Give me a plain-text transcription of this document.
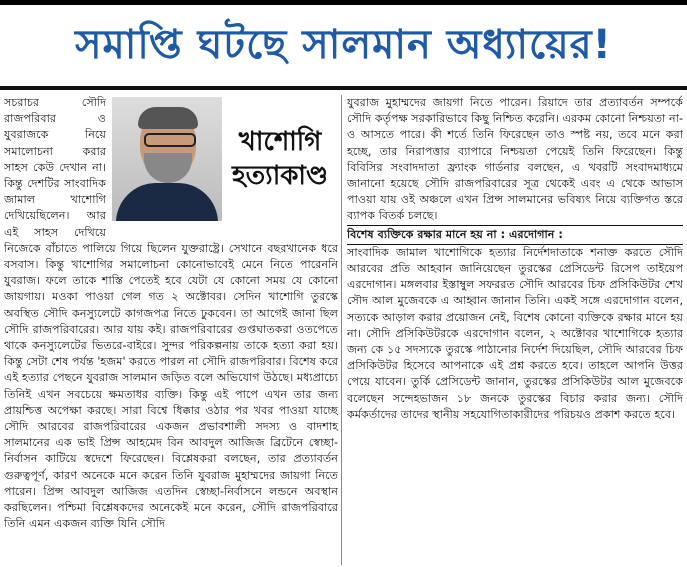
সমাপ্তি ঘটছে সালমান অধ্যায়ের!
খাশোগি
হত্যাকাণ্ড

সচরাচর সৌদি রাজপরিবার ও যুবরাজকে নিয়ে সমালোচনা করার সাহস কেউ দেখান না। কিন্তু দেশটির সাংবাদিক জামাল খাশোগি দেখিয়েছিলেন। আর এই সাহস দেখিয়ে নিজেকে বাঁচাতে পালিয়ে গিয়ে ছিলেন যুক্তরাষ্ট্রে। সেখানে বছরখানেক ধরে বসবাস। কিন্তু খাশোগির সমালোচনা কোনোভাবেই মেনে নিতে পারেননি যুবরাজ। ফলে তাকে শাস্তি পেতেই হবে যেটা যে কোনো সময় যে কোনো জায়গায়। মওকা পাওয়া গেল গত ২ অক্টোবর। সেদিন খাশোগি তুরস্কে অবস্থিত সৌদি কনস্যুলেটে কাগজপত্র নিতে ঢুকবেন। তা আগেই জানা ছিল সৌদি রাজপরিবারের। আর যায় কই। রাজপরিবারের গুপ্তঘাতকরা ওতপেতে থাকে কনস্যুলেটের ভিতরে-বাইরে। সুন্দর পরিকল্পনায় তাকে হত্যা করা হয়। কিন্তু সেটা শেষ পর্যন্ত 'হজম' করতে পারল না সৌদি রাজপরিবার। বিশেষ করে এই হত্যার পেছনে যুবরাজ সালমান জড়িত বলে অভিযোগ উঠছে। মধ্যপ্রাচ্যে তিনিই এখন সবচেয়ে ক্ষমতাধর ব্যক্তি। কিন্তু এই পাপে এখন তার জন্য প্রায়শ্চিত্ত অপেক্ষা করছে। সারা বিশ্বে ধিক্কার ওঠার পর খবর পাওয়া যাচ্ছে সৌদি আরবের রাজপরিবারের একজন প্রভাবশালী সদস্য ও বাদশাহ সালমানের এক ভাই প্রিন্স আহমেদ বিন আবদুল আজিজ ব্রিটেনে স্বেচ্ছা-নির্বাসন কাটিয়ে স্বদেশে ফিরেছেন। বিশ্লেষকরা বলছেন, তার প্রত্যাবর্তন গুরুত্বপূর্ণ, কারণ অনেকে মনে করেন তিনি যুবরাজ মুহাম্মদের জায়গা নিতে পারেন। প্রিন্স আবদুল আজিজ এতদিন স্বেচ্ছা-নির্বাসনে লন্ডনে অবস্থান করছিলেন। পশ্চিমা বিশ্লেষকদের অনেকেই মনে করেন, সৌদি রাজপরিবারে তিনি এমন একজন ব্যক্তি যিনি সৌদি

যুবরাজ মুহাম্মদের জায়গা নিতে পারেন। রিয়াদে তার প্রত্যাবর্তন সম্পর্কে সৌদি কর্তৃপক্ষ সরকারিভাবে কিছু নিশ্চিত করেনি। এরকম কোনো নিশ্চয়তা না-ও আসতে পারে। কী শর্তে তিনি ফিরেছেন তাও স্পষ্ট নয়, তবে মনে করা হচ্ছে, তার নিরাপত্তার ব্যাপারে নিশ্চয়তা পেয়েই তিনি ফিরেছেন। কিন্তু বিবিসির সংবাদদাতা ফ্র্যাংক গার্ডনার বলছেন, এ খবরটি সংবাদমাধ্যমে জানানো হয়েছে সৌদি রাজপরিবারের সূত্র থেকেই এবং এ থেকে আভাস পাওয়া যায় ওই অঞ্চলে এখন প্রিন্স সালমানের ভবিষ্যৎ নিয়ে ব্যক্তিগত স্তরে ব্যাপক বিতর্ক চলছে।

বিশেষ ব্যক্তিকে রক্ষার মানে হয় না : এরদোগান :

সাংবাদিক জামাল খাশোগিকে হত্যার নির্দেশদাতাকে শনাক্ত করতে সৌদি আরবের প্রতি আহবান জানিয়েছেন তুরস্কের প্রেসিডেন্ট রিসেপ তাইয়েপ এরদোগান। মঙ্গলবার ইস্তাম্বুল সফররত সৌদি আরবের চিফ প্রসিকিউটর শেখ সৌদ আল মুজেবকে এ আহ্বান জানান তিনি। একই সঙ্গে এরদোগান বলেন, সত্যকে আড়াল করার প্রয়োজন নেই, বিশেষ কোনো ব্যক্তিকে রক্ষার মানে হয় না। সৌদি প্রসিকিউটরকে এরদোগান বলেন, ২ অক্টোবর খাশোগিকে হত্যার জন্য কে ১৫ সদস্যকে তুরস্কে পাঠানোর নির্দেশ দিয়েছিল, সৌদি আরবের চিফ প্রসিকিউটর হিসেবে আপনাকে এই প্রশ্ন করতে হবে। তাহলে আপনি উত্তর পেয়ে যাবেন। তুর্কি প্রেসিডেন্ট জানান, তুরস্কের প্রসিকিউটর আল মুজেবকে বলেছেন সন্দেহভাজন ১৮ জনকে তুরস্কের বিচার করার জন্য। সৌদি কর্মকর্তাদের তাদের স্থানীয় সহযোগিতাকারীদের পরিচয়ও প্রকাশ করতে হবে।
